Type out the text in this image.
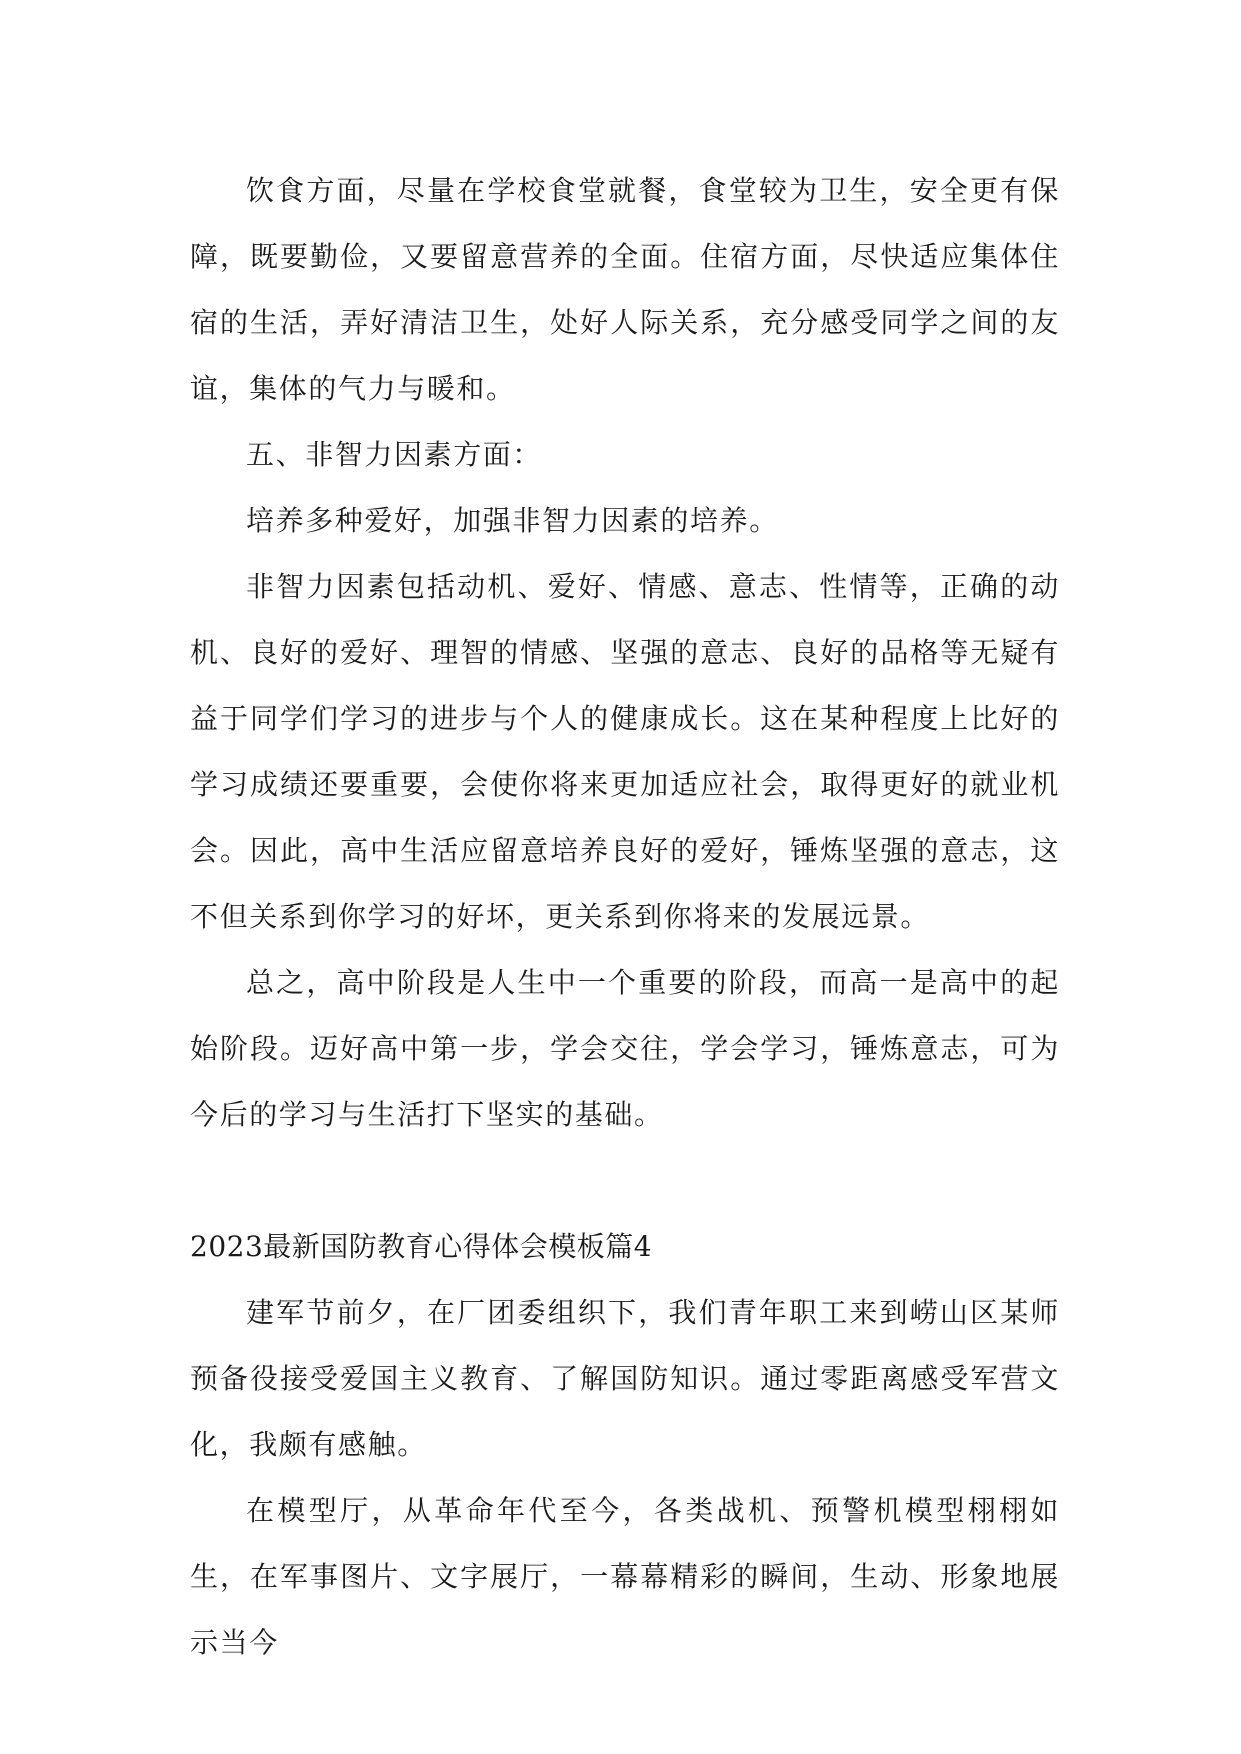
饮食方面，尽量在学校食堂就餐，食堂较为卫生，安全更有保障，既要勤俭，又要留意营养的全面。住宿方面，尽快适应集体住宿的生活，弄好清洁卫生，处好人际关系，充分感受同学之间的友谊，集体的气力与暖和。

五、非智力因素方面：

培养多种爱好，加强非智力因素的培养。

非智力因素包括动机、爱好、情感、意志、性情等，正确的动机、良好的爱好、理智的情感、坚强的意志、良好的品格等无疑有益于同学们学习的进步与个人的健康成长。这在某种程度上比好的学习成绩还要重要，会使你将来更加适应社会，取得更好的就业机会。因此，高中生活应留意培养良好的爱好，锤炼坚强的意志，这不但关系到你学习的好坏，更关系到你将来的发展远景。

总之，高中阶段是人生中一个重要的阶段，而高一是高中的起始阶段。迈好高中第一步，学会交往，学会学习，锤炼意志，可为今后的学习与生活打下坚实的基础。

2023最新国防教育心得体会模板篇4

建军节前夕，在厂团委组织下，我们青年职工来到崂山区某师预备役接受爱国主义教育、了解国防知识。通过零距离感受军营文化，我颇有感触。

在模型厅，从革命年代至今，各类战机、预警机模型栩栩如生，在军事图片、文字展厅，一幕幕精彩的瞬间，生动、形象地展示当今
